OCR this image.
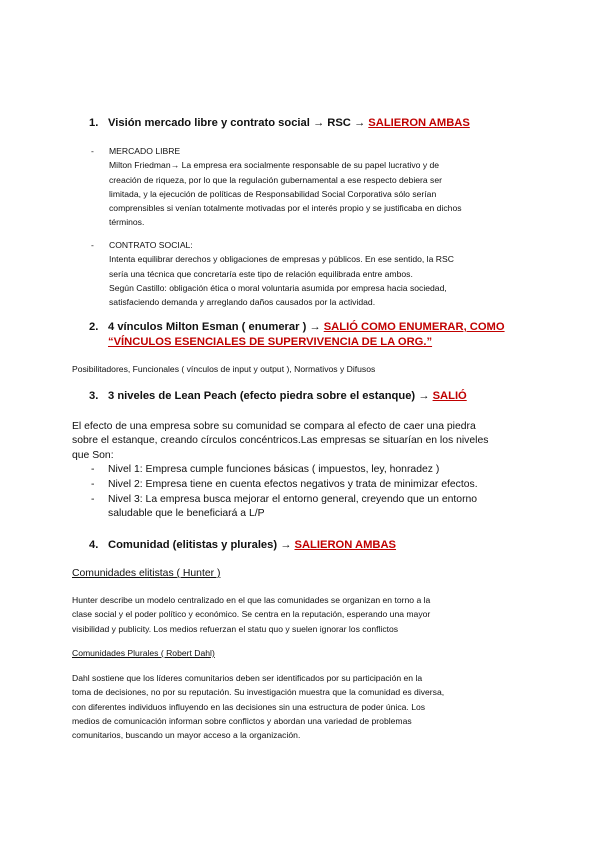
1. Visión mercado libre y contrato social → RSC → SALIERON AMBAS
- MERCADO LIBRE
Milton Friedman→ La empresa era socialmente responsable de su papel lucrativo y de
creación de riqueza, por lo que la regulación gubernamental a ese respecto debiera ser
limitada, y la ejecución de políticas de Responsabilidad Social Corporativa sólo serían
comprensibles si venían totalmente motivadas por el interés propio y se justificaba en dichos
términos.
- CONTRATO SOCIAL:
Intenta equilibrar derechos y obligaciones de empresas y públicos. En ese sentido, la RSC
sería una técnica que concretaría este tipo de relación equilibrada entre ambos.
Según Castillo: obligación ética o moral voluntaria asumida por empresa hacia sociedad,
satisfaciendo demanda y arreglando daños causados por la actividad.
2. 4 vínculos Milton Esman ( enumerar ) → SALIÓ COMO ENUMERAR, COMO
“VÍNCULOS ESENCIALES DE SUPERVIVENCIA DE LA ORG.”
Posibilitadores, Funcionales ( vínculos de input y output ), Normativos y Difusos
3. 3 niveles de Lean Peach (efecto piedra sobre el estanque) → SALIÓ
El efecto de una empresa sobre su comunidad se compara al efecto de caer una piedra
sobre el estanque, creando círculos concéntricos.Las empresas se situarían en los niveles
que Son:
- Nivel 1: Empresa cumple funciones básicas ( impuestos, ley, honradez )
- Nivel 2: Empresa tiene en cuenta efectos negativos y trata de minimizar efectos.
- Nivel 3: La empresa busca mejorar el entorno general, creyendo que un entorno
saludable que le beneficiará a L/P
4. Comunidad (elitistas y plurales) → SALIERON AMBAS
Comunidades elitistas ( Hunter )
Hunter describe un modelo centralizado en el que las comunidades se organizan en torno a la
clase social y el poder político y económico. Se centra en la reputación, esperando una mayor
visibilidad y publicity. Los medios refuerzan el statu quo y suelen ignorar los conflictos
Comunidades Plurales ( Robert Dahl)
Dahl sostiene que los líderes comunitarios deben ser identificados por su participación en la
toma de decisiones, no por su reputación. Su investigación muestra que la comunidad es diversa,
con diferentes individuos influyendo en las decisiones sin una estructura de poder única. Los
medios de comunicación informan sobre conflictos y abordan una variedad de problemas
comunitarios, buscando un mayor acceso a la organización.
